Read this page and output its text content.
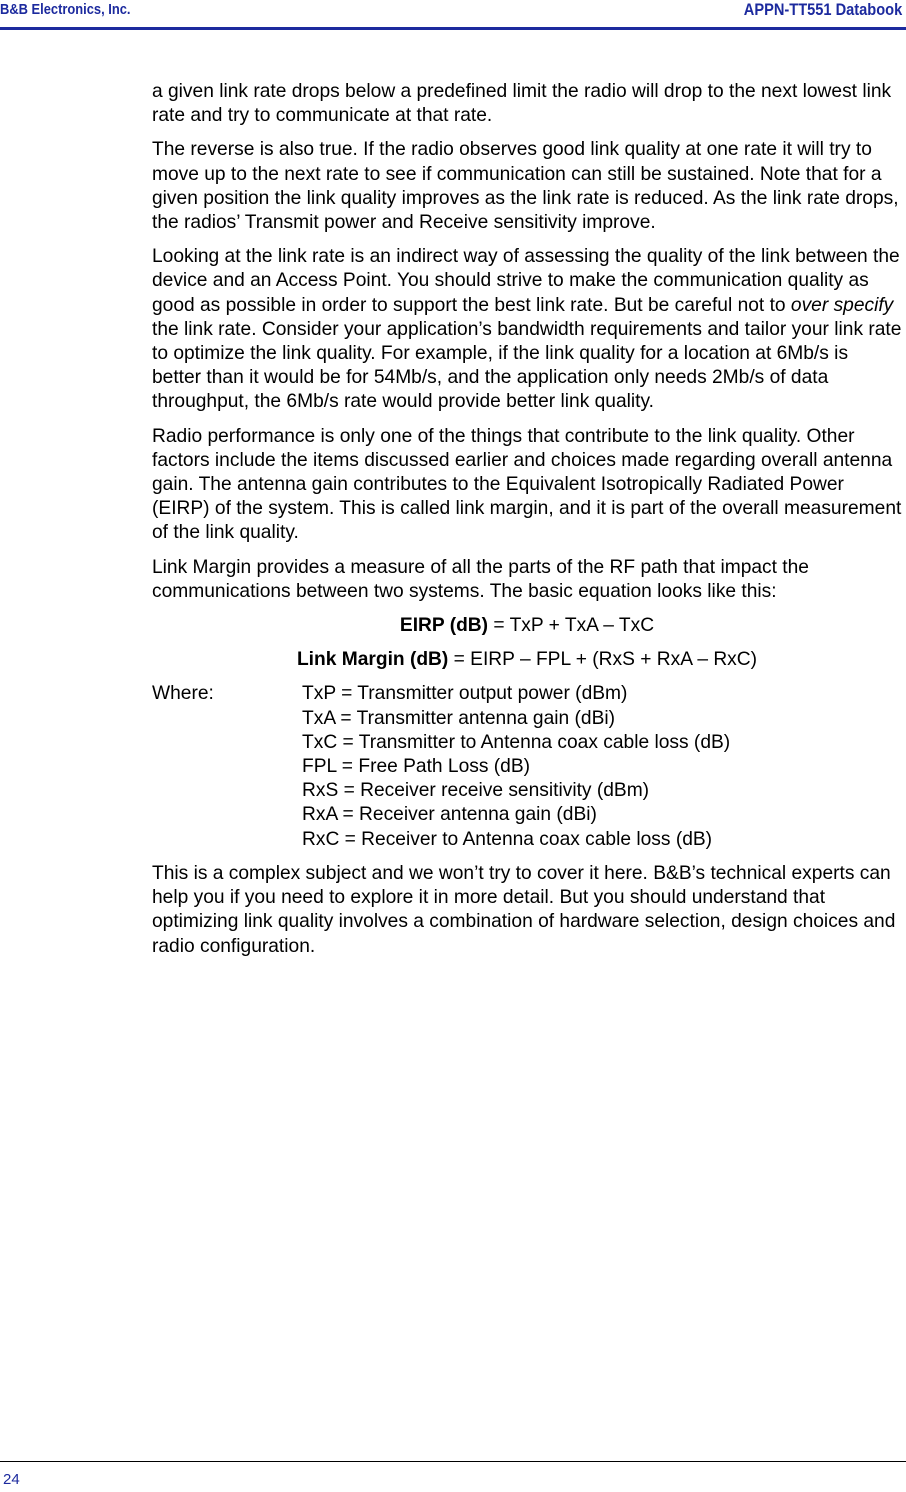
B&B Electronics, Inc.	APPN-TT551 Databook

a given link rate drops below a predefined limit the radio will drop to the next lowest link rate and try to communicate at that rate.

The reverse is also true. If the radio observes good link quality at one rate it will try to move up to the next rate to see if communication can still be sustained. Note that for a given position the link quality improves as the link rate is reduced. As the link rate drops, the radios’ Transmit power and Receive sensitivity improve.

Looking at the link rate is an indirect way of assessing the quality of the link between the device and an Access Point. You should strive to make the communication quality as good as possible in order to support the best link rate. But be careful not to over specify the link rate. Consider your application’s bandwidth requirements and tailor your link rate to optimize the link quality. For example, if the link quality for a location at 6Mb/s is better than it would be for 54Mb/s, and the application only needs 2Mb/s of data throughput, the 6Mb/s rate would provide better link quality.

Radio performance is only one of the things that contribute to the link quality. Other factors include the items discussed earlier and choices made regarding overall antenna gain. The antenna gain contributes to the Equivalent Isotropically Radiated Power (EIRP) of the system. This is called link margin, and it is part of the overall measurement of the link quality.

Link Margin provides a measure of all the parts of the RF path that impact the communications between two systems. The basic equation looks like this:

EIRP (dB) = TxP + TxA – TxC
Link Margin (dB) = EIRP – FPL + (RxS + RxA – RxC)
Where:	TxP = Transmitter output power (dBm)
TxA = Transmitter antenna gain (dBi)
TxC = Transmitter to Antenna coax cable loss (dB)
FPL = Free Path Loss (dB)
RxS = Receiver receive sensitivity (dBm)
RxA = Receiver antenna gain (dBi)
RxC = Receiver to Antenna coax cable loss (dB)

This is a complex subject and we won’t try to cover it here. B&B’s technical experts can help you if you need to explore it in more detail. But you should understand that optimizing link quality involves a combination of hardware selection, design choices and radio configuration.

24
